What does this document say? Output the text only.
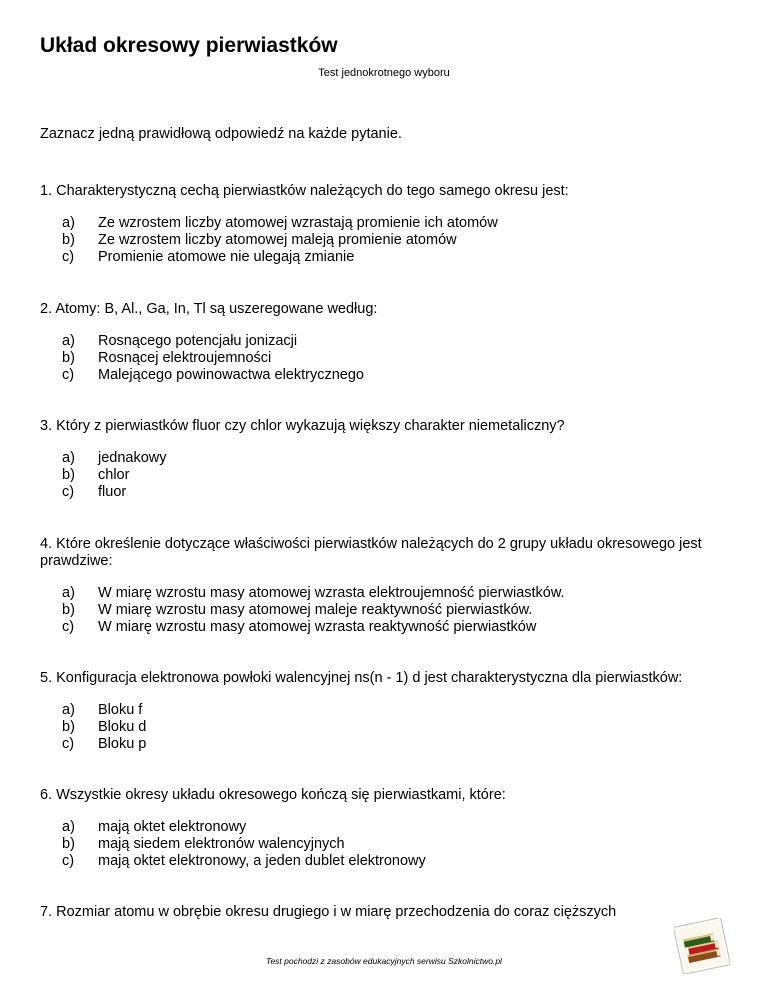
Układ okresowy pierwiastków
Test jednokrotnego wyboru
Zaznacz jedną prawidłową odpowiedź na każde pytanie.

1. Charakterystyczną cechą pierwiastków należących do tego samego okresu jest:

a) Ze wzrostem liczby atomowej wzrastają promienie ich atomów
b) Ze wzrostem liczby atomowej maleją promienie atomów
c) Promienie atomowe nie ulegają zmianie

2. Atomy: B, Al., Ga, In, Tl są uszeregowane według:

a) Rosnącego potencjału jonizacji
b) Rosnącej elektroujemności
c) Malejącego powinowactwa elektrycznego

3. Który z pierwiastków fluor czy chlor wykazują większy charakter niemetaliczny?

a) jednakowy
b) chlor
c) fluor

4. Które określenie dotyczące właściwości pierwiastków należących do 2 grupy układu okresowego jest prawdziwe:

a) W miarę wzrostu masy atomowej wzrasta elektroujemność pierwiastków.
b) W miarę wzrostu masy atomowej maleje reaktywność pierwiastków.
c) W miarę wzrostu masy atomowej wzrasta reaktywność pierwiastków

5. Konfiguracja elektronowa powłoki walencyjnej ns(n - 1) d jest charakterystyczna dla pierwiastków:

a) Bloku f
b) Bloku d
c) Bloku p

6. Wszystkie okresy układu okresowego kończą się pierwiastkami, które:

a) mają oktet elektronowy
b) mają siedem elektronów walencyjnych
c) mają oktet elektronowy, a jeden dublet elektronowy

7. Rozmiar atomu w obrębie okresu drugiego i w miarę przechodzenia do coraz cięższych

Test pochodzi z zasobów edukacyjnych serwisu Szkolnictwo.pl
